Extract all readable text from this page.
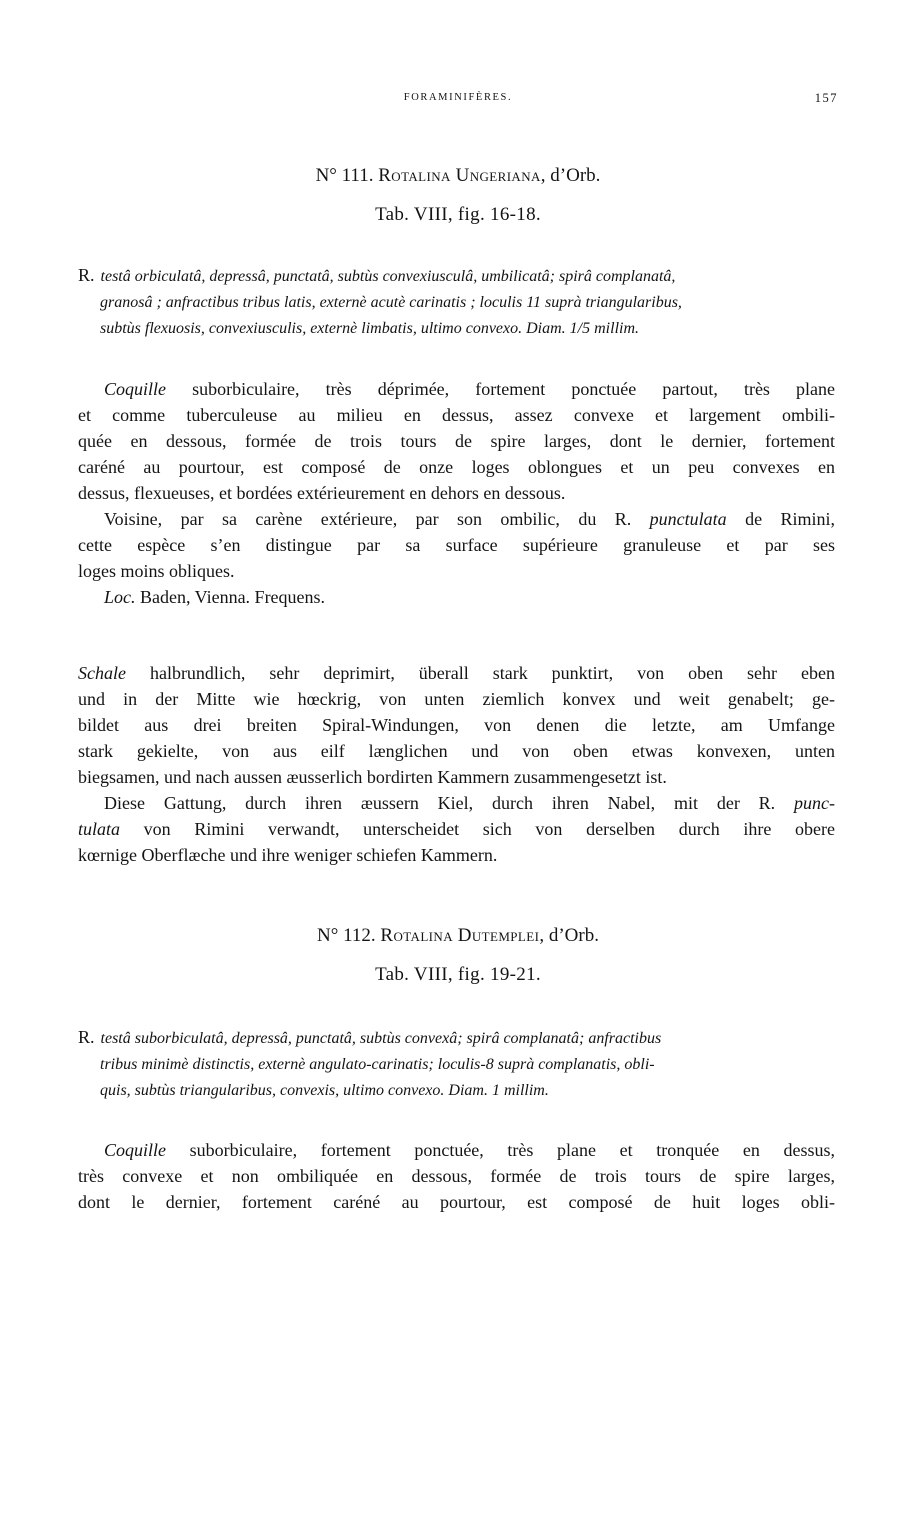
FORAMINIFÈRES.	157
N° 111. Rotalina Ungeriana, d’Orb.
Tab. VIII, fig. 16-18.
R. testâ orbiculatâ, depressâ, punctatâ, subtùs convexiusculâ, umbilicatâ; spirâ complanatâ,
granosâ ; anfractibus tribus latis, externè acutè carinatis ; loculis 11 suprà triangularibus,
subtùs flexuosis, convexiusculis, externè limbatis, ultimo convexo. Diam. 1/5 millim.
Coquille suborbiculaire, très déprimée, fortement ponctuée partout, très plane
et comme tuberculeuse au milieu en dessus, assez convexe et largement ombili-
quée en dessous, formée de trois tours de spire larges, dont le dernier, fortement
caréné au pourtour, est composé de onze loges oblongues et un peu convexes en
dessus, flexueuses, et bordées extérieurement en dehors en dessous.
Voisine, par sa carène extérieure, par son ombilic, du R. punctulata de Rimini,
cette espèce s’en distingue par sa surface supérieure granuleuse et par ses
loges moins obliques.
Loc. Baden, Vienna. Frequens.
Schale halbrundlich, sehr deprimirt, überall stark punktirt, von oben sehr eben
und in der Mitte wie hœckrig, von unten ziemlich konvex und weit genabelt; ge-
bildet aus drei breiten Spiral-Windungen, von denen die letzte, am Umfange
stark gekielte, von aus eilf længlichen und von oben etwas konvexen, unten
biegsamen, und nach aussen æusserlich bordirten Kammern zusammengesetzt ist.
Diese Gattung, durch ihren æussern Kiel, durch ihren Nabel, mit der R. punc-
tulata von Rimini verwandt, unterscheidet sich von derselben durch ihre obere
kœrnige Oberflæche und ihre weniger schiefen Kammern.
N° 112. Rotalina Dutemplei, d’Orb.
Tab. VIII, fig. 19-21.
R. testâ suborbiculatâ, depressâ, punctatâ, subtùs convexâ; spirâ complanatâ; anfractibus
tribus minimè distinctis, externè angulato-carinatis; loculis-8 suprà complanatis, obli-
quis, subtùs triangularibus, convexis, ultimo convexo. Diam. 1 millim.
Coquille suborbiculaire, fortement ponctuée, très plane et tronquée en dessus,
très convexe et non ombiliquée en dessous, formée de trois tours de spire larges,
dont le dernier, fortement caréné au pourtour, est composé de huit loges obli-
